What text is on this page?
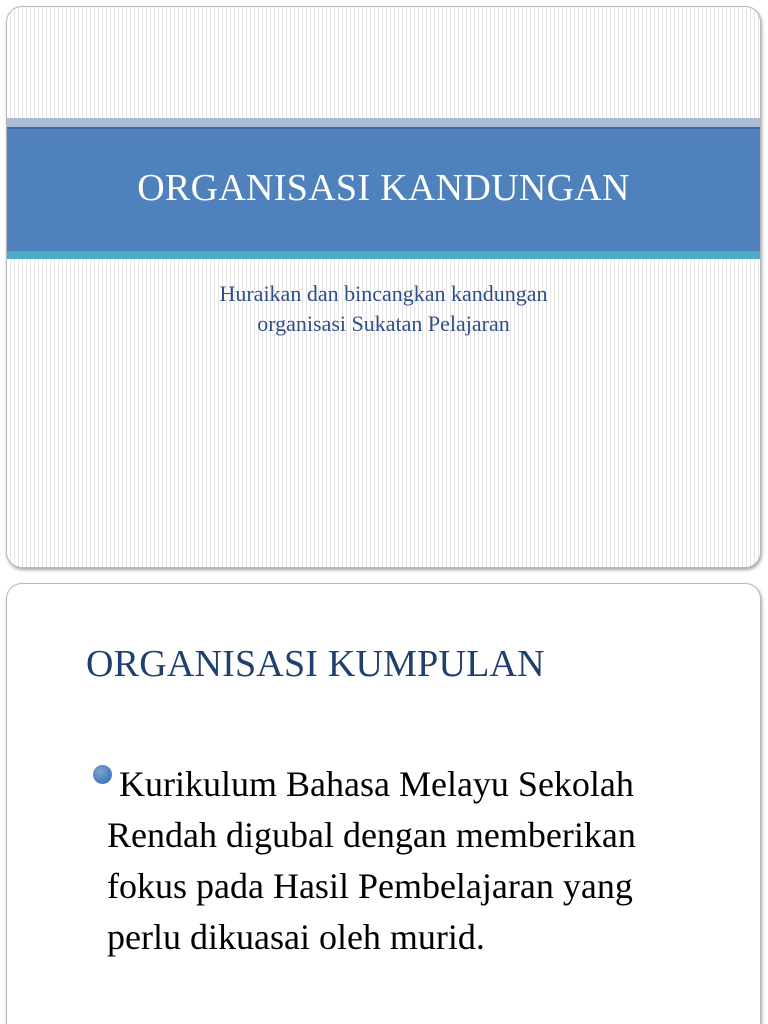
ORGANISASI KANDUNGAN
Huraikan dan bincangkan kandungan
organisasi Sukatan Pelajaran
ORGANISASI KUMPULAN

Kurikulum Bahasa Melayu Sekolah Rendah digubal dengan memberikan fokus pada Hasil Pembelajaran yang perlu dikuasai oleh murid.
